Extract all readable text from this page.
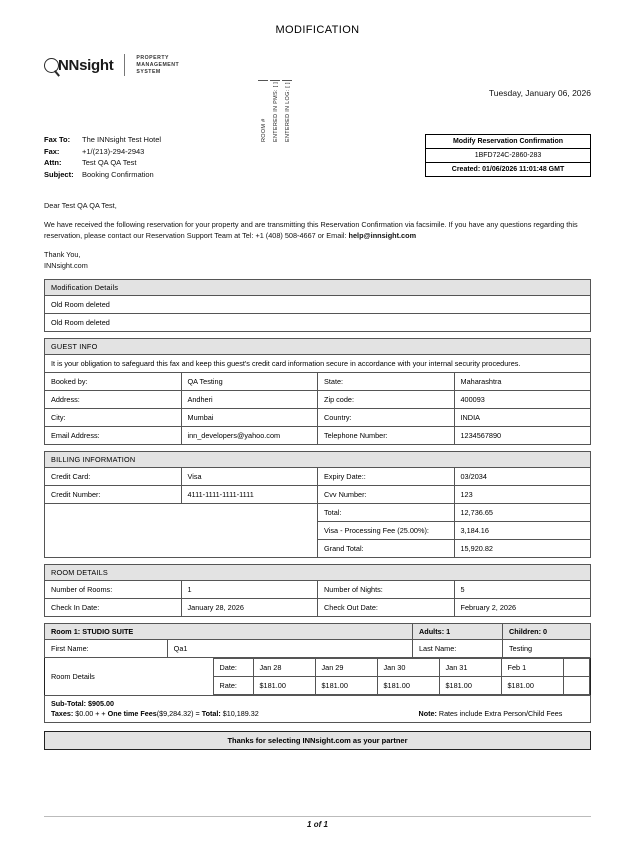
MODIFICATION
NNsight	PROPERTY
MANAGEMENT
SYSTEM
ROOM #	ENTERED IN PMS: [ ]	ENTERED IN LOG: [ ]	Tuesday, January 06, 2026
Fax To:	The INNsight Test Hotel
Fax:	+1/(213)-294-2943
Attn:	Test QA QA Test
Subject:	Booking Confirmation
Modify Reservation Confirmation
1BFD724C-2860-283
Created: 01/06/2026 11:01:48 GMT

Dear Test QA QA Test,

We have received the following reservation for your property and are transmitting this Reservation Confirmation via facsimile. If you have any questions regarding this reservation, please contact our Reservation Support Team at Tel: +1 (408) 508-4667 or Email: help@innsight.com

Thank You,

INNsight.com

Modification Details
Old Room deleted
Old Room deleted
GUEST INFO			
It is your obligation to safeguard this fax and keep this guest's credit card information secure in accordance with your internal security procedures.			
Booked by:	QA Testing	State:	Maharashtra
Address:	Andheri	Zip code:	400093
City:	Mumbai	Country:	INDIA
Email Address:	inn_developers@yahoo.com	Telephone Number:	1234567890
BILLING INFORMATION			
Credit Card:	Visa	Expiry Date::	03/2034
Credit Number:	4111-1111-1111-1111	Cvv Number:	123
		Total:	12,736.65
		Visa - Processing Fee (25.00%):	3,184.16
		Grand Total:	15,920.82
ROOM DETAILS			
Number of Rooms:	1	Number of Nights:	5
Check In Date:	January 28, 2026	Check Out Date:	February 2, 2026
Room 1: STUDIO SUITE	Adults: 1	Children: 0
First Name:	Qa1	Last Name:	Testing

Room Details	Date:	Jan 28	Jan 29	Jan 30	Jan 31	Feb 1	
Rate:	$181.00	$181.00	$181.00	$181.00	$181.00	

Sub-Total: $905.00
Taxes: $0.00 + + One time Fees($9,284.32) = Total: $10,189.32	Note: Rates include Extra Person/Child Fees
Thanks for selecting INNsight.com as your partner
1 of 1
